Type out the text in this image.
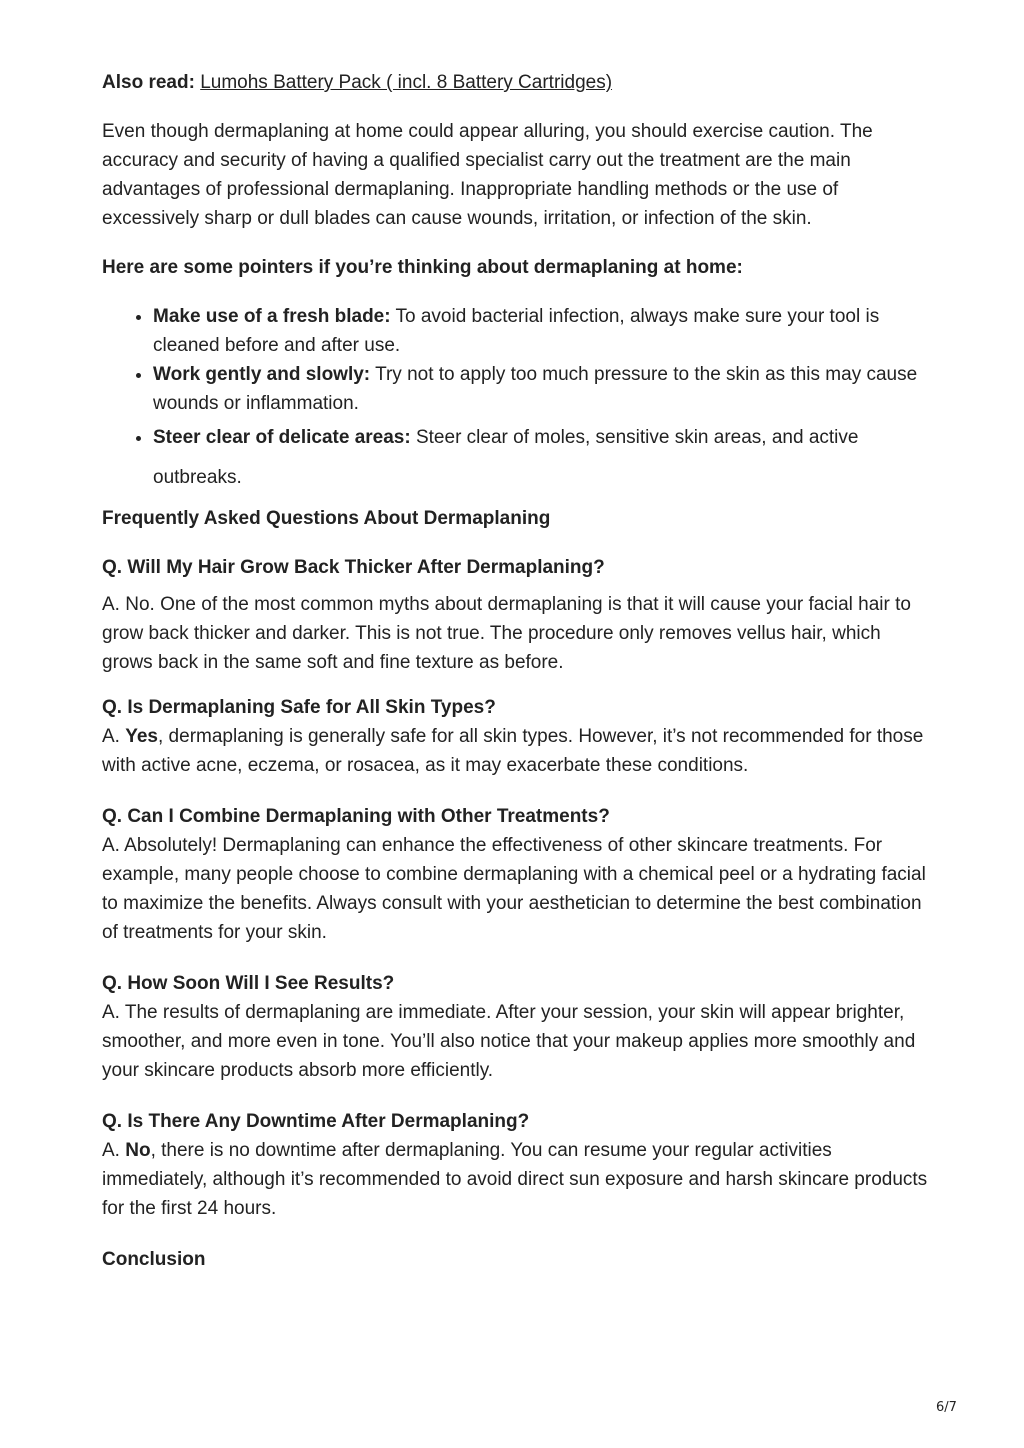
Also read: Lumohs Battery Pack ( incl. 8 Battery Cartridges)

Even though dermaplaning at home could appear alluring, you should exercise caution. The accuracy and security of having a qualified specialist carry out the treatment are the main advantages of professional dermaplaning. Inappropriate handling methods or the use of excessively sharp or dull blades can cause wounds, irritation, or infection of the skin.

Here are some pointers if you’re thinking about dermaplaning at home:

Make use of a fresh blade: To avoid bacterial infection, always make sure your tool is cleaned before and after use.
Work gently and slowly: Try not to apply too much pressure to the skin as this may cause wounds or inflammation.
Steer clear of delicate areas: Steer clear of moles, sensitive skin areas, and active outbreaks.

Frequently Asked Questions About Dermaplaning

Q. Will My Hair Grow Back Thicker After Dermaplaning?

A. No. One of the most common myths about dermaplaning is that it will cause your facial hair to grow back thicker and darker. This is not true. The procedure only removes vellus hair, which grows back in the same soft and fine texture as before.

Q. Is Dermaplaning Safe for All Skin Types?

A. Yes, dermaplaning is generally safe for all skin types. However, it’s not recommended for those with active acne, eczema, or rosacea, as it may exacerbate these conditions.

Q. Can I Combine Dermaplaning with Other Treatments?

A. Absolutely! Dermaplaning can enhance the effectiveness of other skincare treatments. For example, many people choose to combine dermaplaning with a chemical peel or a hydrating facial to maximize the benefits. Always consult with your aesthetician to determine the best combination of treatments for your skin.

Q. How Soon Will I See Results?

A. The results of dermaplaning are immediate. After your session, your skin will appear brighter, smoother, and more even in tone. You’ll also notice that your makeup applies more smoothly and your skincare products absorb more efficiently.

Q. Is There Any Downtime After Dermaplaning?

A. No, there is no downtime after dermaplaning. You can resume your regular activities immediately, although it’s recommended to avoid direct sun exposure and harsh skincare products for the first 24 hours.

Conclusion

6/7
